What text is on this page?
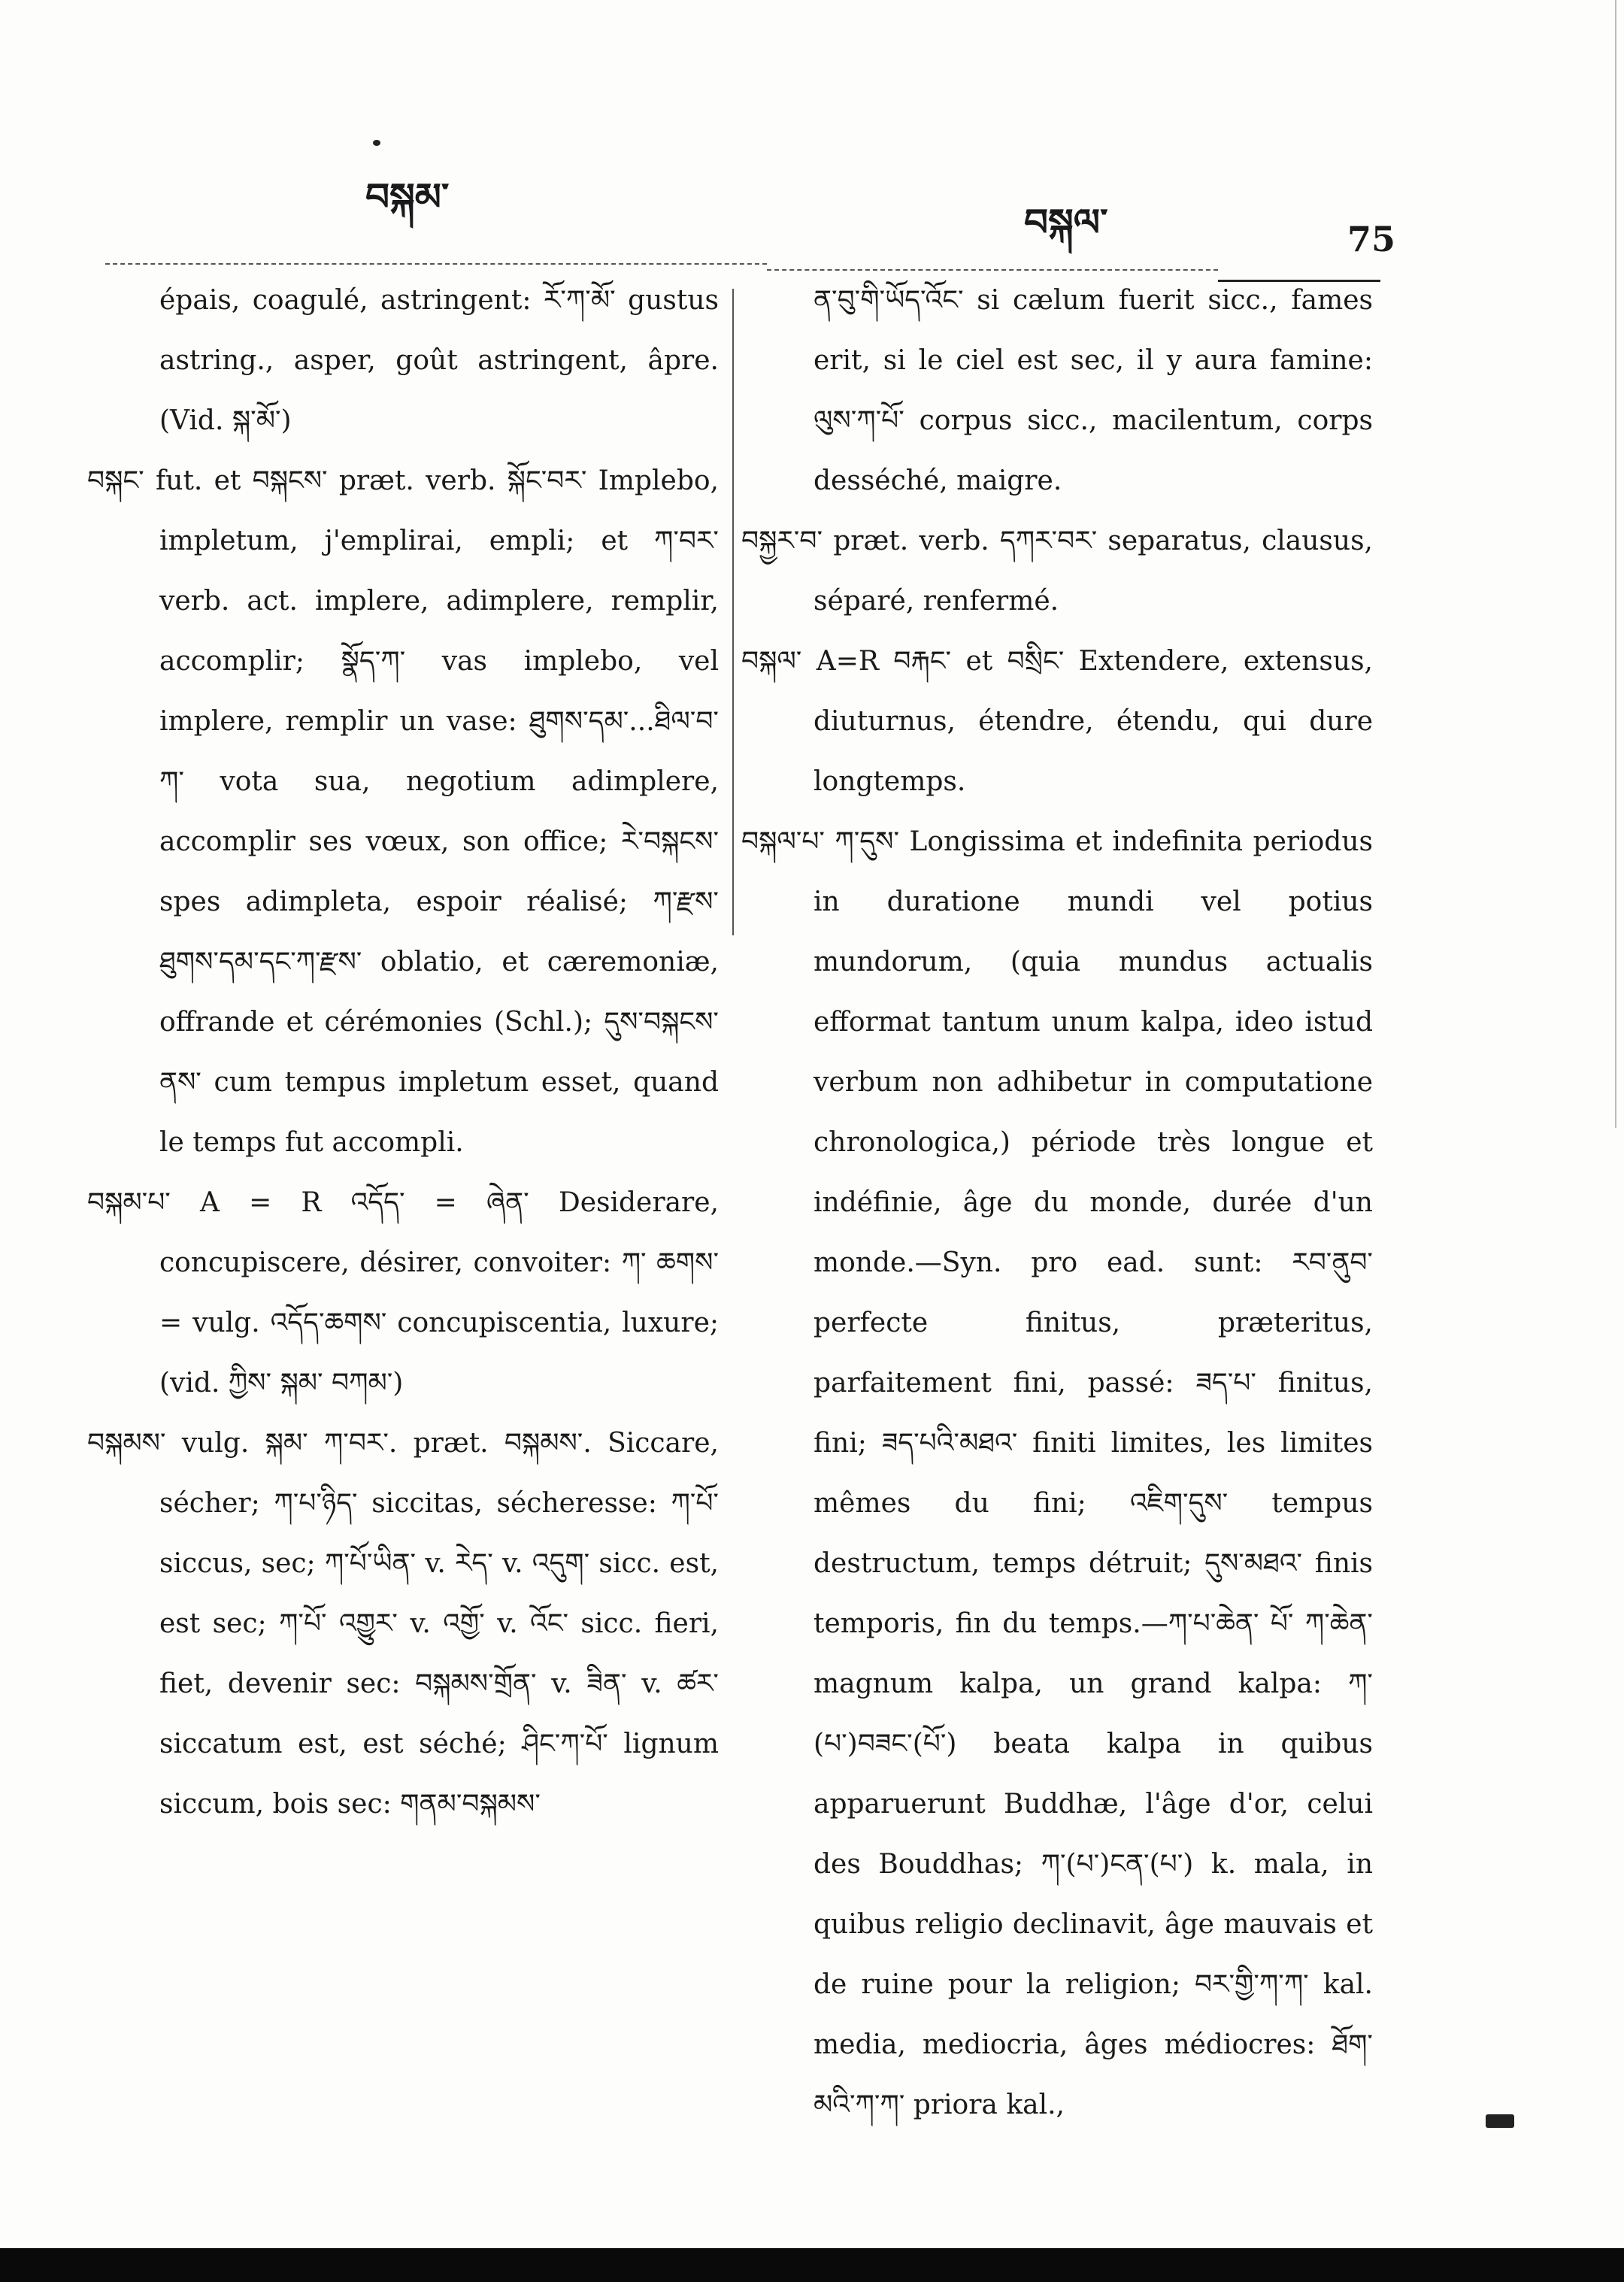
བསྐམ་
བསྐལ་	75

épais, coagulé, astringent: རོ་ཀ་མོ་ gustus astring., asper, goût astringent, âpre. (Vid. སྐ་མོ་)

བསྐང་ fut. et བསྐངས་ præt. verb. སྐོང་བར་ Implebo, impletum, j'emplirai, empli; et ཀ་བར་ verb. act. implere, adimplere, remplir, accomplir; སྣོད་ཀ་ vas implebo, vel implere, remplir un vase: ཐུགས་དམ་...ཐིལ་བ་ཀ་ vota sua, negotium adimplere, accomplir ses vœux, son office; རེ་བསྐངས་ spes adimpleta, espoir réalisé; ཀ་རྫས་ ཐུགས་དམ་དང་ཀ་རྫས་ oblatio, et cæremoniæ, offrande et cérémonies (Schl.); དུས་བསྐངས་ནས་ cum tempus impletum esset, quand le temps fut accompli.

བསྐམ་པ་ A = R འདོད་ = ཞེན་ Desiderare, concupiscere, désirer, convoiter: ཀ་ ཆགས་ = vulg. འདོད་ཆགས་ concupiscentia, luxure; (vid. ཀྱིས་ སྐམ་ བཀམ་)

བསྐམས་ vulg. སྐམ་ ཀ་བར་. præt. བསྐམས་. Siccare, sécher; ཀ་པ་ཉིད་ siccitas, sécheresse: ཀ་པོ་ siccus, sec; ཀ་པོ་ཡིན་ v. རེད་ v. འདུག་ sicc. est, est sec; ཀ་པོ་ འགྱུར་ v. འགྱོ་ v. འོང་ sicc. fieri, fiet, devenir sec: བསྐམས་གྲོན་ v. ཟིན་ v. ཚར་ siccatum est, est séché; ཤིང་ཀ་པོ་ lignum siccum, bois sec: གནམ་བསྐམས་

ན་བུ་གི་ཡོད་འོང་ si cælum fuerit sicc., fames erit, si le ciel est sec, il y aura famine: ལུས་ཀ་པོ་ corpus sicc., macilentum, corps desséché, maigre.

བསྐྱར་བ་ præt. verb. དཀར་བར་ separatus, clausus, séparé, renfermé.

བསྐལ་ A=R བརྐང་ et བསྲིང་ Extendere, extensus, diuturnus, étendre, étendu, qui dure longtemps.

བསྐལ་པ་ ཀ་དུས་ Longissima et indefinita periodus in duratione mundi vel potius mundorum, (quia mundus actualis efformat tantum unum kalpa, ideo istud verbum non adhibetur in computatione chronologica,) période très longue et indéfinie, âge du monde, durée d'un monde.—Syn. pro ead. sunt: རབ་ནུབ་ perfecte finitus, præteritus, parfaitement fini, passé: ཟད་པ་ finitus, fini; ཟད་པའི་མཐའ་ finiti limites, les limites mêmes du fini; འཇིག་དུས་ tempus destructum, temps détruit; དུས་མཐའ་ finis temporis, fin du temps.—ཀ་པ་ཆེན་ པོ་ ཀ་ཆེན་ magnum kalpa, un grand kalpa: ཀ་(པ་)བཟང་(པོ་) beata kalpa in quibus apparuerunt Buddhæ, l'âge d'or, celui des Bouddhas; ཀ་(པ་)ངན་(པ་) k. mala, in quibus religio declinavit, âge mauvais et de ruine pour la religion; བར་གྱི་ཀ་ཀ་ kal. media, mediocria, âges médiocres: ཐོག་མའི་ཀ་ཀ་ priora kal.,
